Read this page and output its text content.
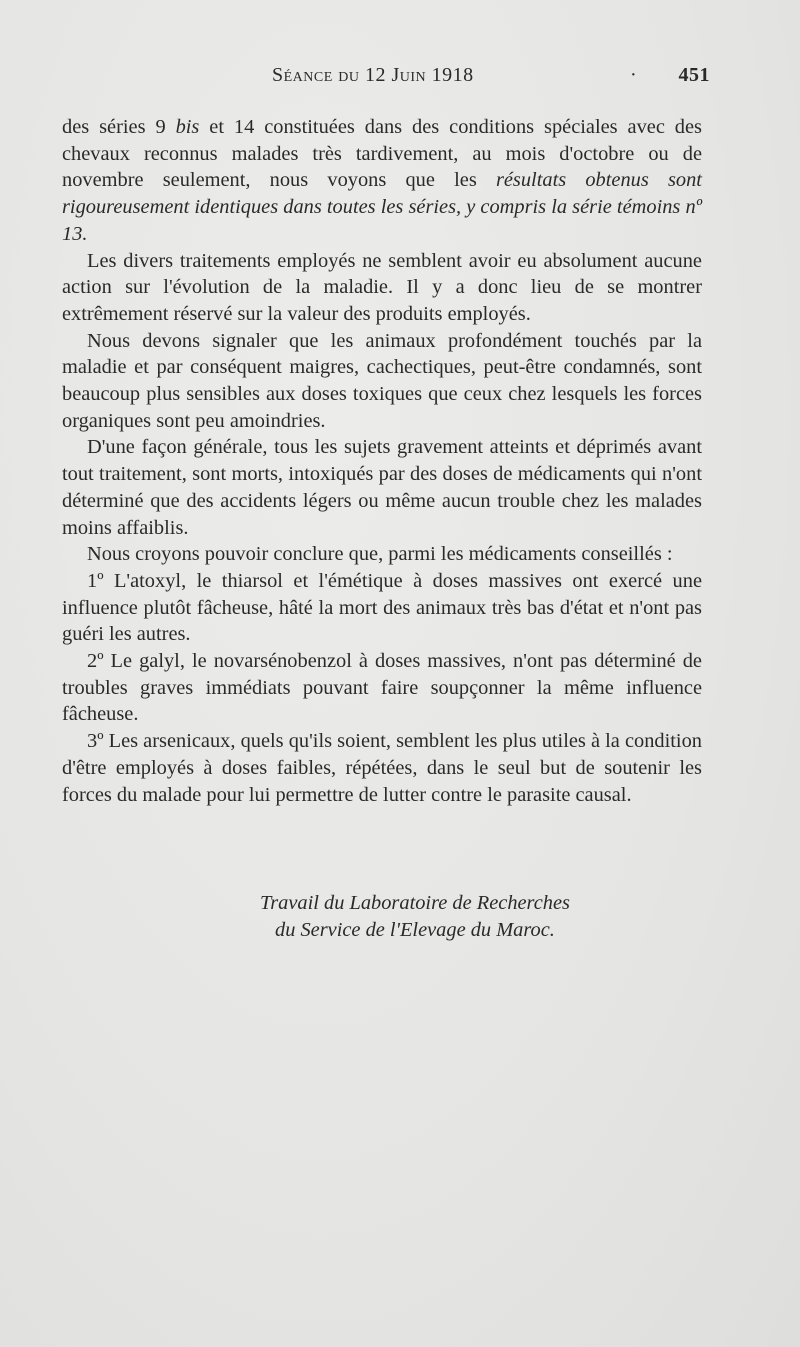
Séance du 12 Juin 1918	· 451

des séries 9 bis et 14 constituées dans des conditions spéciales avec des chevaux reconnus malades très tardivement, au mois d'octobre ou de novembre seulement, nous voyons que les résultats obtenus sont rigoureusement identiques dans toutes les séries, y compris la série témoins nº 13.

Les divers traitements employés ne semblent avoir eu absolument aucune action sur l'évolution de la maladie. Il y a donc lieu de se montrer extrêmement réservé sur la valeur des produits employés.

Nous devons signaler que les animaux profondément touchés par la maladie et par conséquent maigres, cachectiques, peut-être condamnés, sont beaucoup plus sensibles aux doses toxiques que ceux chez lesquels les forces organiques sont peu amoindries.

D'une façon générale, tous les sujets gravement atteints et déprimés avant tout traitement, sont morts, intoxiqués par des doses de médicaments qui n'ont déterminé que des accidents légers ou même aucun trouble chez les malades moins affaiblis.

Nous croyons pouvoir conclure que, parmi les médicaments conseillés :

1º L'atoxyl, le thiarsol et l'émétique à doses massives ont exercé une influence plutôt fâcheuse, hâté la mort des animaux très bas d'état et n'ont pas guéri les autres.

2º Le galyl, le novarsénobenzol à doses massives, n'ont pas déterminé de troubles graves immédiats pouvant faire soupçonner la même influence fâcheuse.

3º Les arsenicaux, quels qu'ils soient, semblent les plus utiles à la condition d'être employés à doses faibles, répétées, dans le seul but de soutenir les forces du malade pour lui permettre de lutter contre le parasite causal.

Travail du Laboratoire de Recherches
du Service de l'Elevage du Maroc.
